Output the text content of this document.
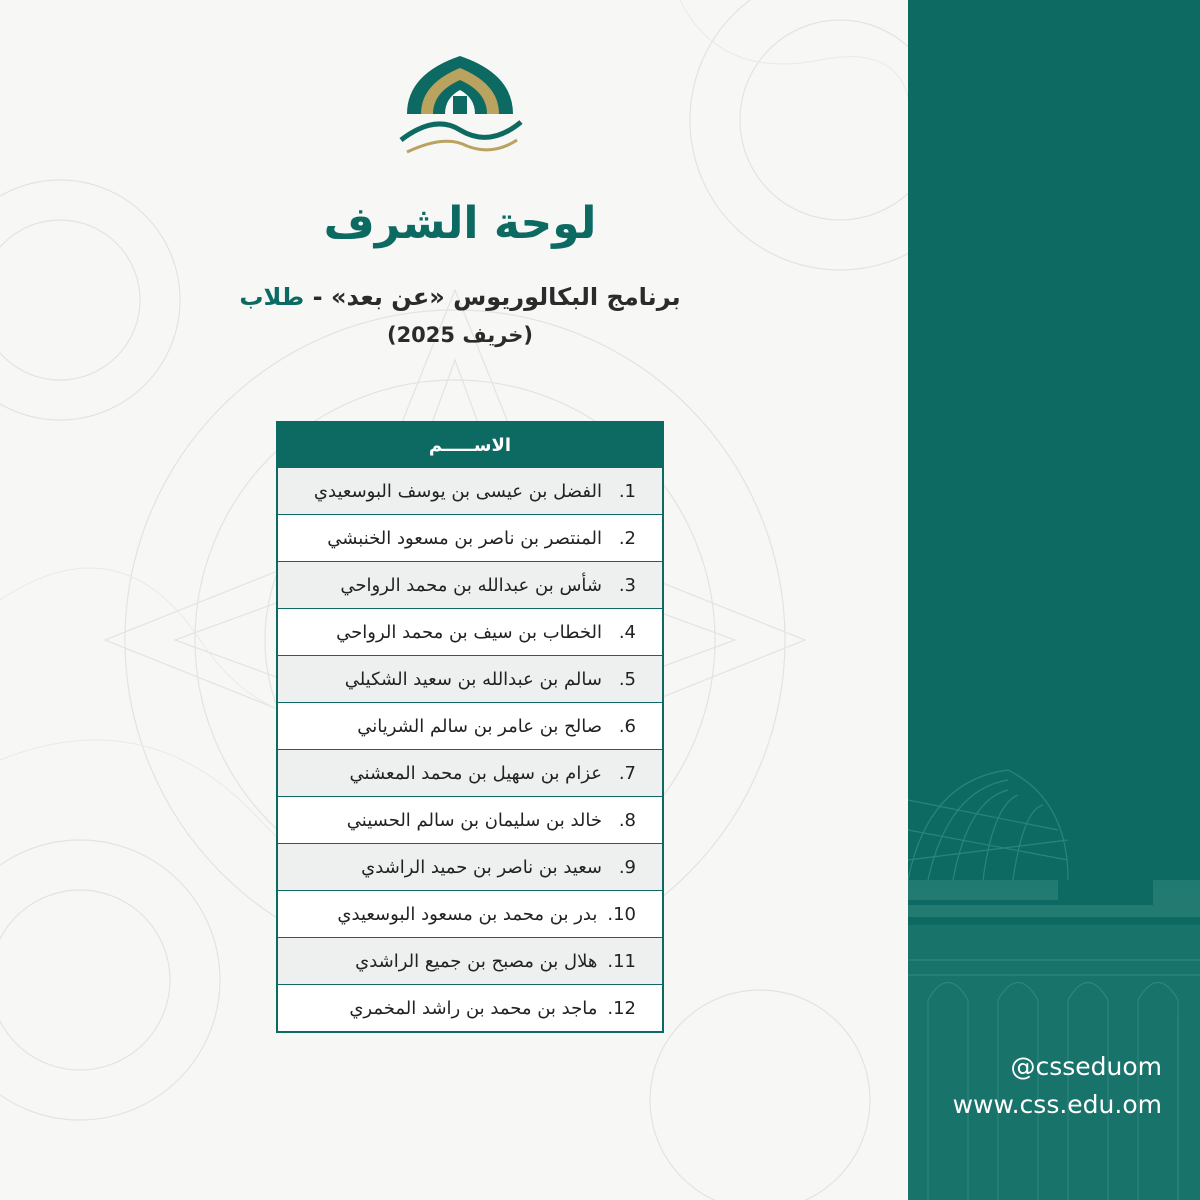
@csseduom
www.css.edu.om
لوحة الشرف

برنامج البكالوريوس «عن بعد» - طلاب

(خريف 2025)

الاســـــم
1.الفضل بن عيسى بن يوسف البوسعيدي
2.المنتصر بن ناصر بن مسعود الخنبشي
3.شأس بن عبدالله بن محمد الرواحي
4.الخطاب بن سيف بن محمد الرواحي
5.سالم بن عبدالله بن سعيد الشكيلي
6.صالح بن عامر بن سالم الشرياني
7.عزام بن سهيل بن محمد المعشني
8.خالد بن سليمان بن سالم الحسيني
9.سعيد بن ناصر بن حميد الراشدي
10.بدر بن محمد بن مسعود البوسعيدي
11.هلال بن مصبح بن جميع الراشدي
12.ماجد بن محمد بن راشد المخمري
